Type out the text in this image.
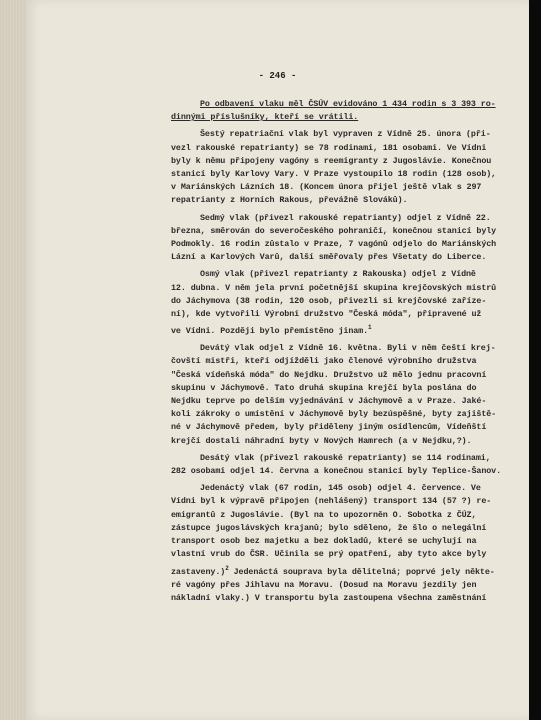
- 246 -
Po odbavení vlaku měl ČSÚV evidováno 1 434 rodin s 3 393 ro-
dinnými příslušníky, kteří se vrátili.
Šestý repatriační vlak byl vypraven z Vídně 25. února (při-
vezl rakouské repatrianty) se 78 rodinami, 181 osobami. Ve Vídni
byly k němu připojeny vagóny s reemigranty z Jugoslávie. Konečnou
stanicí byly Karlovy Vary. V Praze vystoupilo 18 rodin (128 osob),
v Mariánských Lázních 18. (Koncem února přijel ještě vlak s 297
repatrianty z Horních Rakous, převážně Slováků).
Sedmý vlak (přivezl rakouské repatrianty) odjel z Vídně 22.
března, směrován do severočeského pohraničí, konečnou stanicí byly
Podmokly. 16 rodin zůstalo v Praze, 7 vagónů odjelo do Mariánských
Lázní a Karlových Varů, další směřovaly přes Všetaty do Liberce.
Osmý vlak (přivezl repatrianty z Rakouska) odjel z Vídně
12. dubna. V něm jela první početnější skupina krejčovských mistrů
do Jáchymova (38 rodin, 120 osob, přivezli si krejčovské zaříze-
ní), kde vytvořili Výrobní družstvo "Česká móda", připravené už
ve Vídni. Později bylo přemístěno jinam.$^1$
Devátý vlak odjel z Vídně 16. května. Byli v něm čeští krej-
čovští mistři, kteří odjížděli jako členové výrobního družstva
"Česká vídeňská móda" do Nejdku. Družstvo už mělo jednu pracovní
skupinu v Jáchymově. Tato druhá skupina krejčí byla poslána do
Nejdku teprve po delším vyjednávání v Jáchymově a v Praze. Jaké-
koli zákroky o umístění v Jáchymově byly bezúspěšné, byty zajiště-
né v Jáchymově předem, byly přiděleny jiným osídlencům, Vídeňští
krejčí dostali náhradní byty v Nových Hamrech (a v Nejdku,?).
Desátý vlak (přivezl rakouské repatrianty) se 114 rodinami,
282 osobami odjel 14. června a konečnou stanicí byly Teplice-Šanov.
Jedenáctý vlak (67 rodin, 145 osob) odjel 4. července. Ve
Vídni byl k výpravě připojen (nehlášený) transport 134 (57 ?) re-
emigrantů z Jugoslávie. (Byl na to upozorněn O. Sobotka z ČÚZ,
zástupce jugoslávských krajanů; bylo sděleno, že šlo o nelegální
transport osob bez majetku a bez dokladů, které se uchylují na
vlastní vrub do ČSR. Učinila se prý opatření, aby tyto akce byly
zastaveny.)$^2$ Jedenáctá souprava byla dělitelná; poprvé jely někte-
ré vagóny přes Jihlavu na Moravu. (Dosud na Moravu jezdily jen
nákladní vlaky.) V transportu byla zastoupena všechna zaměstnání
